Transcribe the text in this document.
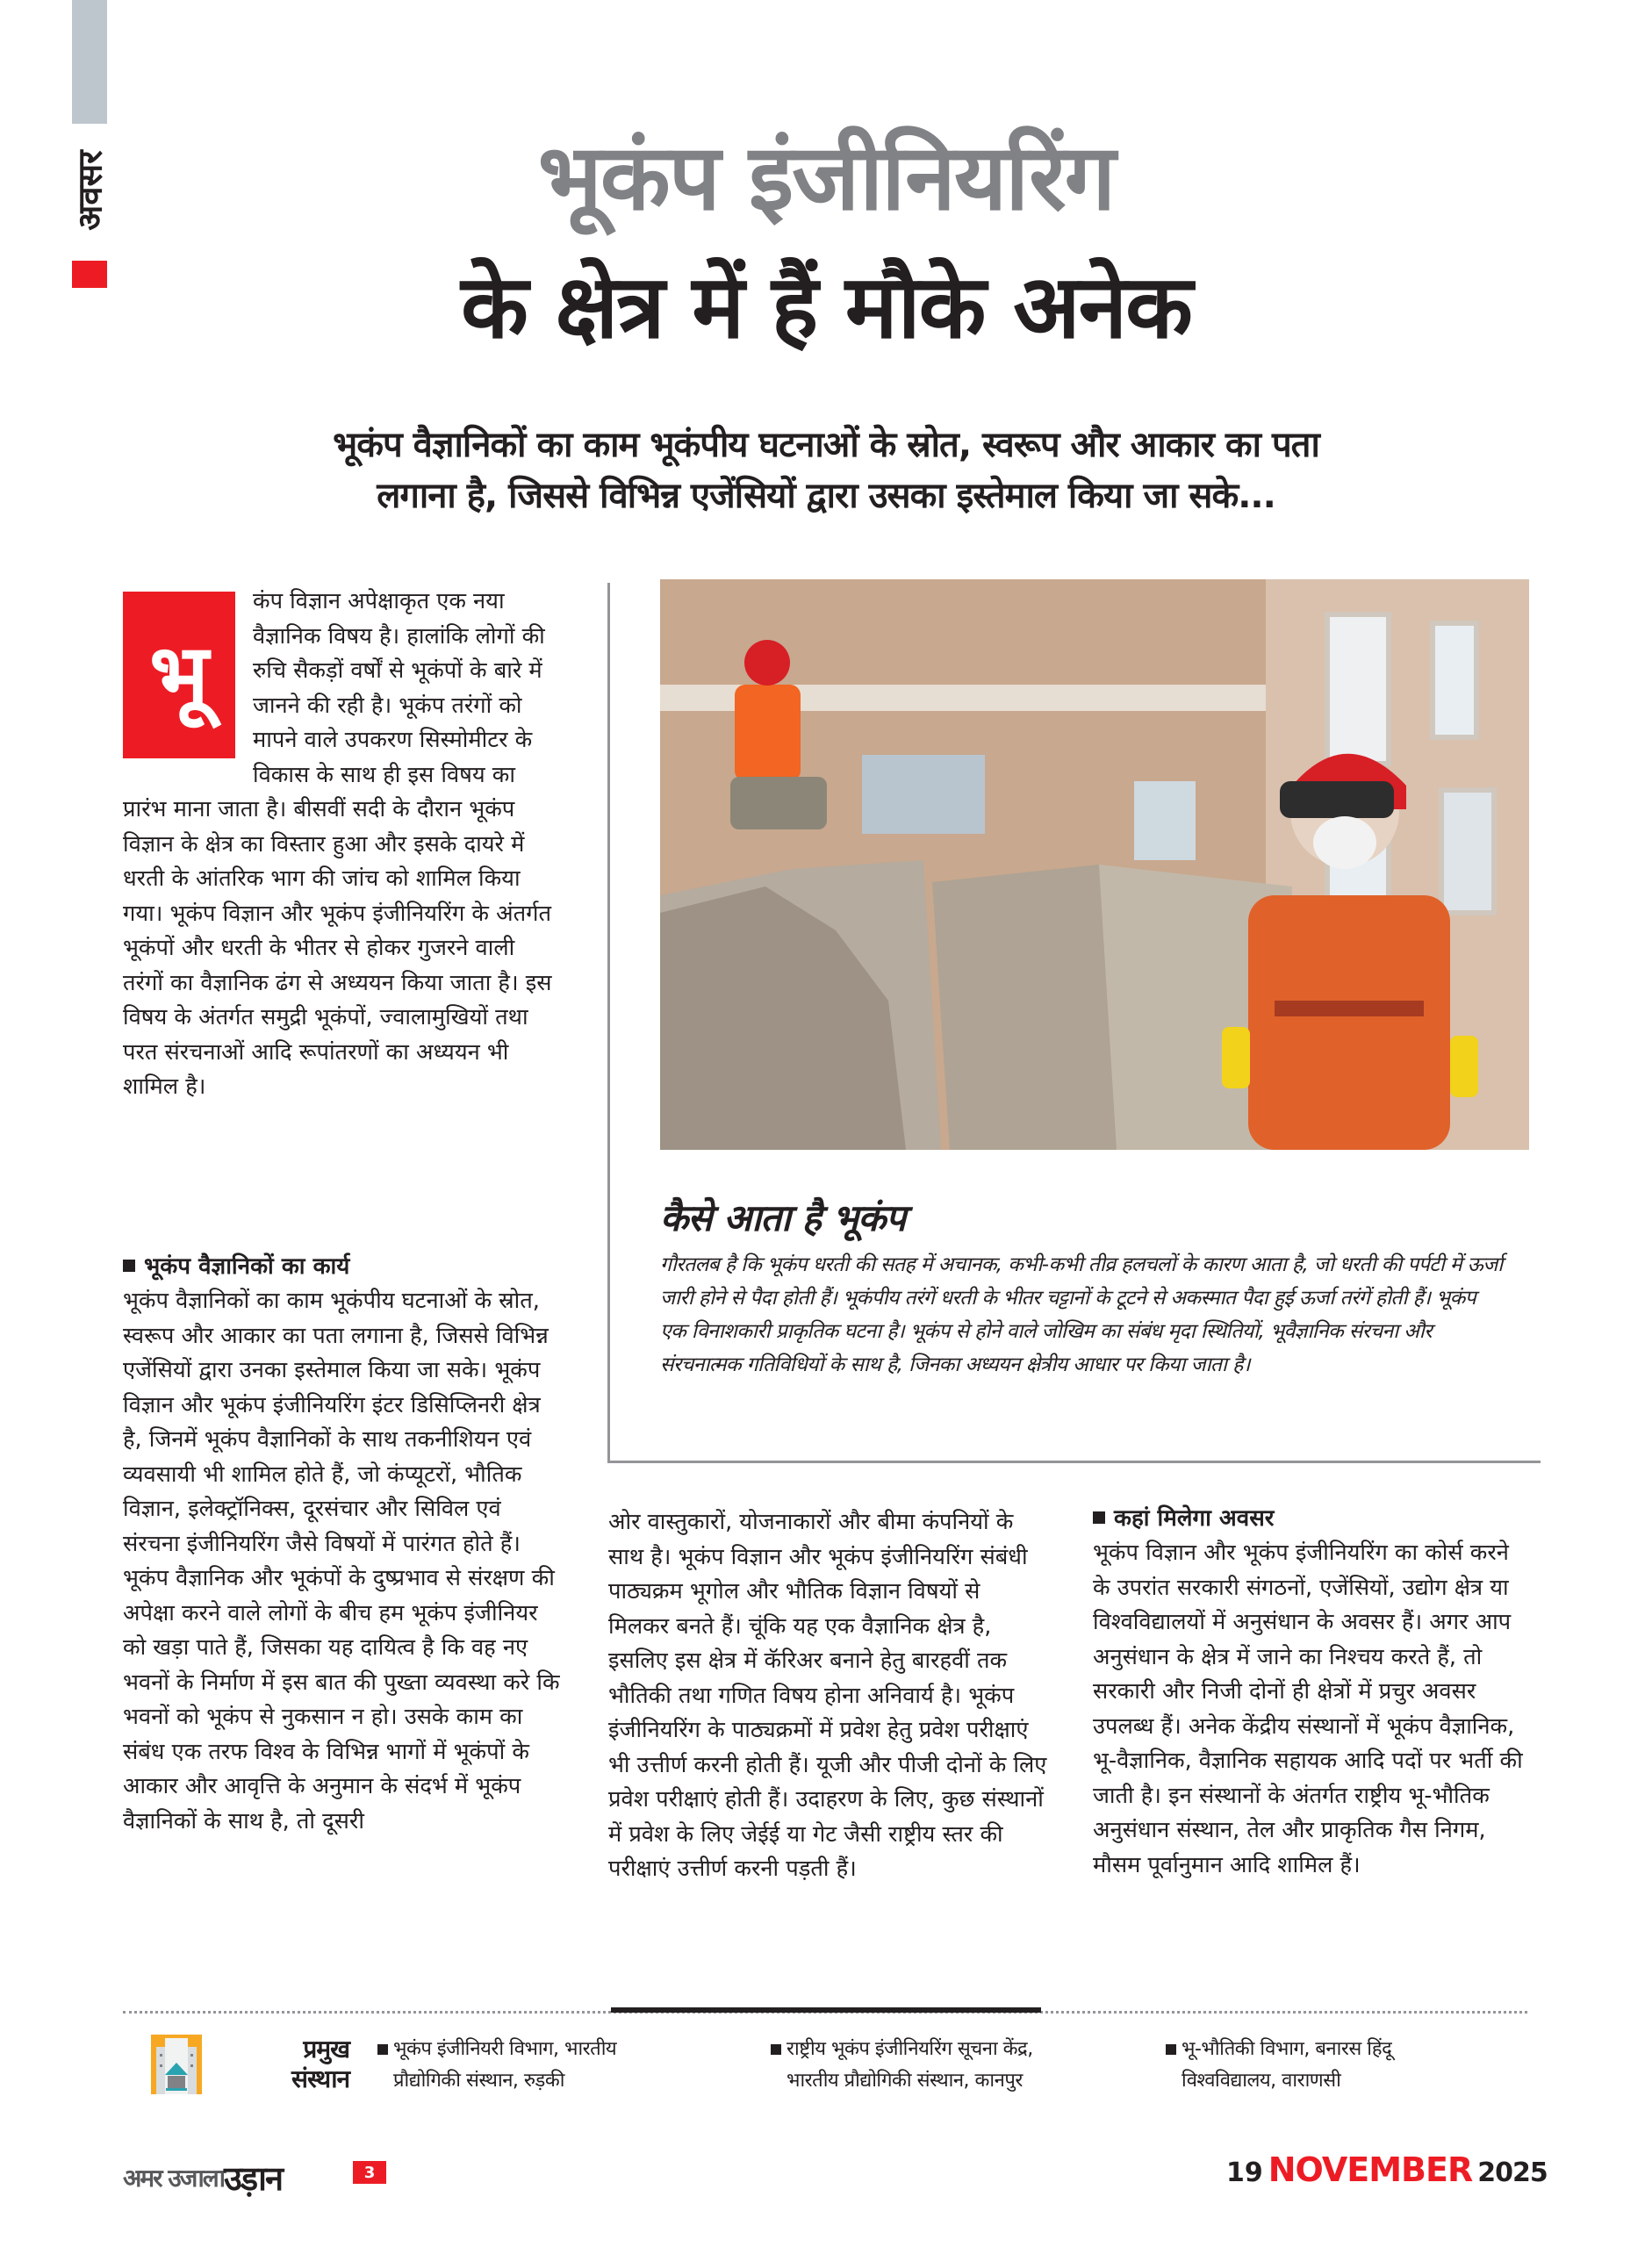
अवसर	भूकंप इंजीनियरिंग
के क्षेत्र में हैं मौके अनेक
भूकंप वैज्ञानिकों का काम भूकंपीय घटनाओं के स्रोत, स्वरूप और आकार का पता
लगाना है, जिससे विभिन्न एजेंसियों द्वारा उसका इस्तेमाल किया जा सके...
भू

कंप विज्ञान अपेक्षाकृत एक नया वैज्ञानिक विषय है। हालांकि लोगों की रुचि सैकड़ों वर्षों से भूकंपों के बारे में जानने की रही है। भूकंप तरंगों को मापने वाले उपकरण सिस्मोमीटर के विकास के साथ ही इस विषय का प्रारंभ माना जाता है। बीसवीं सदी के दौरान भूकंप विज्ञान के क्षेत्र का विस्तार हुआ और इसके दायरे में धरती के आंतरिक भाग की जांच को शामिल किया गया। भूकंप विज्ञान और भूकंप इंजीनियरिंग के अंतर्गत भूकंपों और धरती के भीतर से होकर गुजरने वाली तरंगों का वैज्ञानिक ढंग से अध्ययन किया जाता है। इस विषय के अंतर्गत समुद्री भूकंपों, ज्वालामुखियों तथा परत संरचनाओं आदि रूपांतरणों का अध्ययन भी शामिल है।

भूकंप वैज्ञानिकों का कार्य

भूकंप वैज्ञानिकों का काम भूकंपीय घटनाओं के स्रोत, स्वरूप और आकार का पता लगाना है, जिससे विभिन्न एजेंसियों द्वारा उनका इस्तेमाल किया जा सके। भूकंप विज्ञान और भूकंप इंजीनियरिंग इंटर डिसिप्लिनरी क्षेत्र है, जिनमें भूकंप वैज्ञानिकों के साथ तकनीशियन एवं व्यवसायी भी शामिल होते हैं, जो कंप्यूटरों, भौतिक विज्ञान, इलेक्ट्रॉनिक्स, दूरसंचार और सिविल एवं संरचना इंजीनियरिंग जैसे विषयों में पारंगत होते हैं। भूकंप वैज्ञानिक और भूकंपों के दुष्प्रभाव से संरक्षण की अपेक्षा करने वाले लोगों के बीच हम भूकंप इंजीनियर को खड़ा पाते हैं, जिसका यह दायित्व है कि वह नए भवनों के निर्माण में इस बात की पुख्ता व्यवस्था करे कि भवनों को भूकंप से नुकसान न हो। उसके काम का संबंध एक तरफ विश्व के विभिन्न भागों में भूकंपों के आकार और आवृत्ति के अनुमान के संदर्भ में भूकंप वैज्ञानिकों के साथ है, तो दूसरी

कैसे आता है भूकंप
गौरतलब है कि भूकंप धरती की सतह में अचानक, कभी-कभी तीव्र हलचलों के कारण आता है, जो धरती की पर्पटी में ऊर्जा जारी होने से पैदा होती हैं। भूकंपीय तरंगें धरती के भीतर चट्टानों के टूटने से अकस्मात पैदा हुई ऊर्जा तरंगें होती हैं। भूकंप एक विनाशकारी प्राकृतिक घटना है। भूकंप से होने वाले जोखिम का संबंध मृदा स्थितियों, भूवैज्ञानिक संरचना और संरचनात्मक गतिविधियों के साथ है, जिनका अध्ययन क्षेत्रीय आधार पर किया जाता है।

ओर वास्तुकारों, योजनाकारों और बीमा कंपनियों के साथ है। भूकंप विज्ञान और भूकंप इंजीनियरिंग संबंधी पाठ्यक्रम भूगोल और भौतिक विज्ञान विषयों से मिलकर बनते हैं। चूंकि यह एक वैज्ञानिक क्षेत्र है, इसलिए इस क्षेत्र में कॅरिअर बनाने हेतु बारहवीं तक भौतिकी तथा गणित विषय होना अनिवार्य है। भूकंप इंजीनियरिंग के पाठ्यक्रमों में प्रवेश हेतु प्रवेश परीक्षाएं भी उत्तीर्ण करनी होती हैं। यूजी और पीजी दोनों के लिए प्रवेश परीक्षाएं होती हैं। उदाहरण के लिए, कुछ संस्थानों में प्रवेश के लिए जेईई या गेट जैसी राष्ट्रीय स्तर की परीक्षाएं उत्तीर्ण करनी पड़ती हैं।

कहां मिलेगा अवसर

भूकंप विज्ञान और भूकंप इंजीनियरिंग का कोर्स करने के उपरांत सरकारी संगठनों, एजेंसियों, उद्योग क्षेत्र या विश्वविद्यालयों में अनुसंधान के अवसर हैं। अगर आप अनुसंधान के क्षेत्र में जाने का निश्चय करते हैं, तो सरकारी और निजी दोनों ही क्षेत्रों में प्रचुर अवसर उपलब्ध हैं। अनेक केंद्रीय संस्थानों में भूकंप वैज्ञानिक, भू-वैज्ञानिक, वैज्ञानिक सहायक आदि पदों पर भर्ती की जाती है। इन संस्थानों के अंतर्गत राष्ट्रीय भू-भौतिक अनुसंधान संस्थान, तेल और प्राकृतिक गैस निगम, मौसम पूर्वानुमान आदि शामिल हैं।

प्रमुख
संस्थान
भूकंप इंजीनियरी विभाग, भारतीय
प्रौद्योगिकी संस्थान, रुड़की
राष्ट्रीय भूकंप इंजीनियरिंग सूचना केंद्र,
भारतीय प्रौद्योगिकी संस्थान, कानपुर
भू-भौतिकी विभाग, बनारस हिंदू
विश्वविद्यालय, वाराणसी
अमर उजाला उड़ान	3	19 NOVEMBER 2025
